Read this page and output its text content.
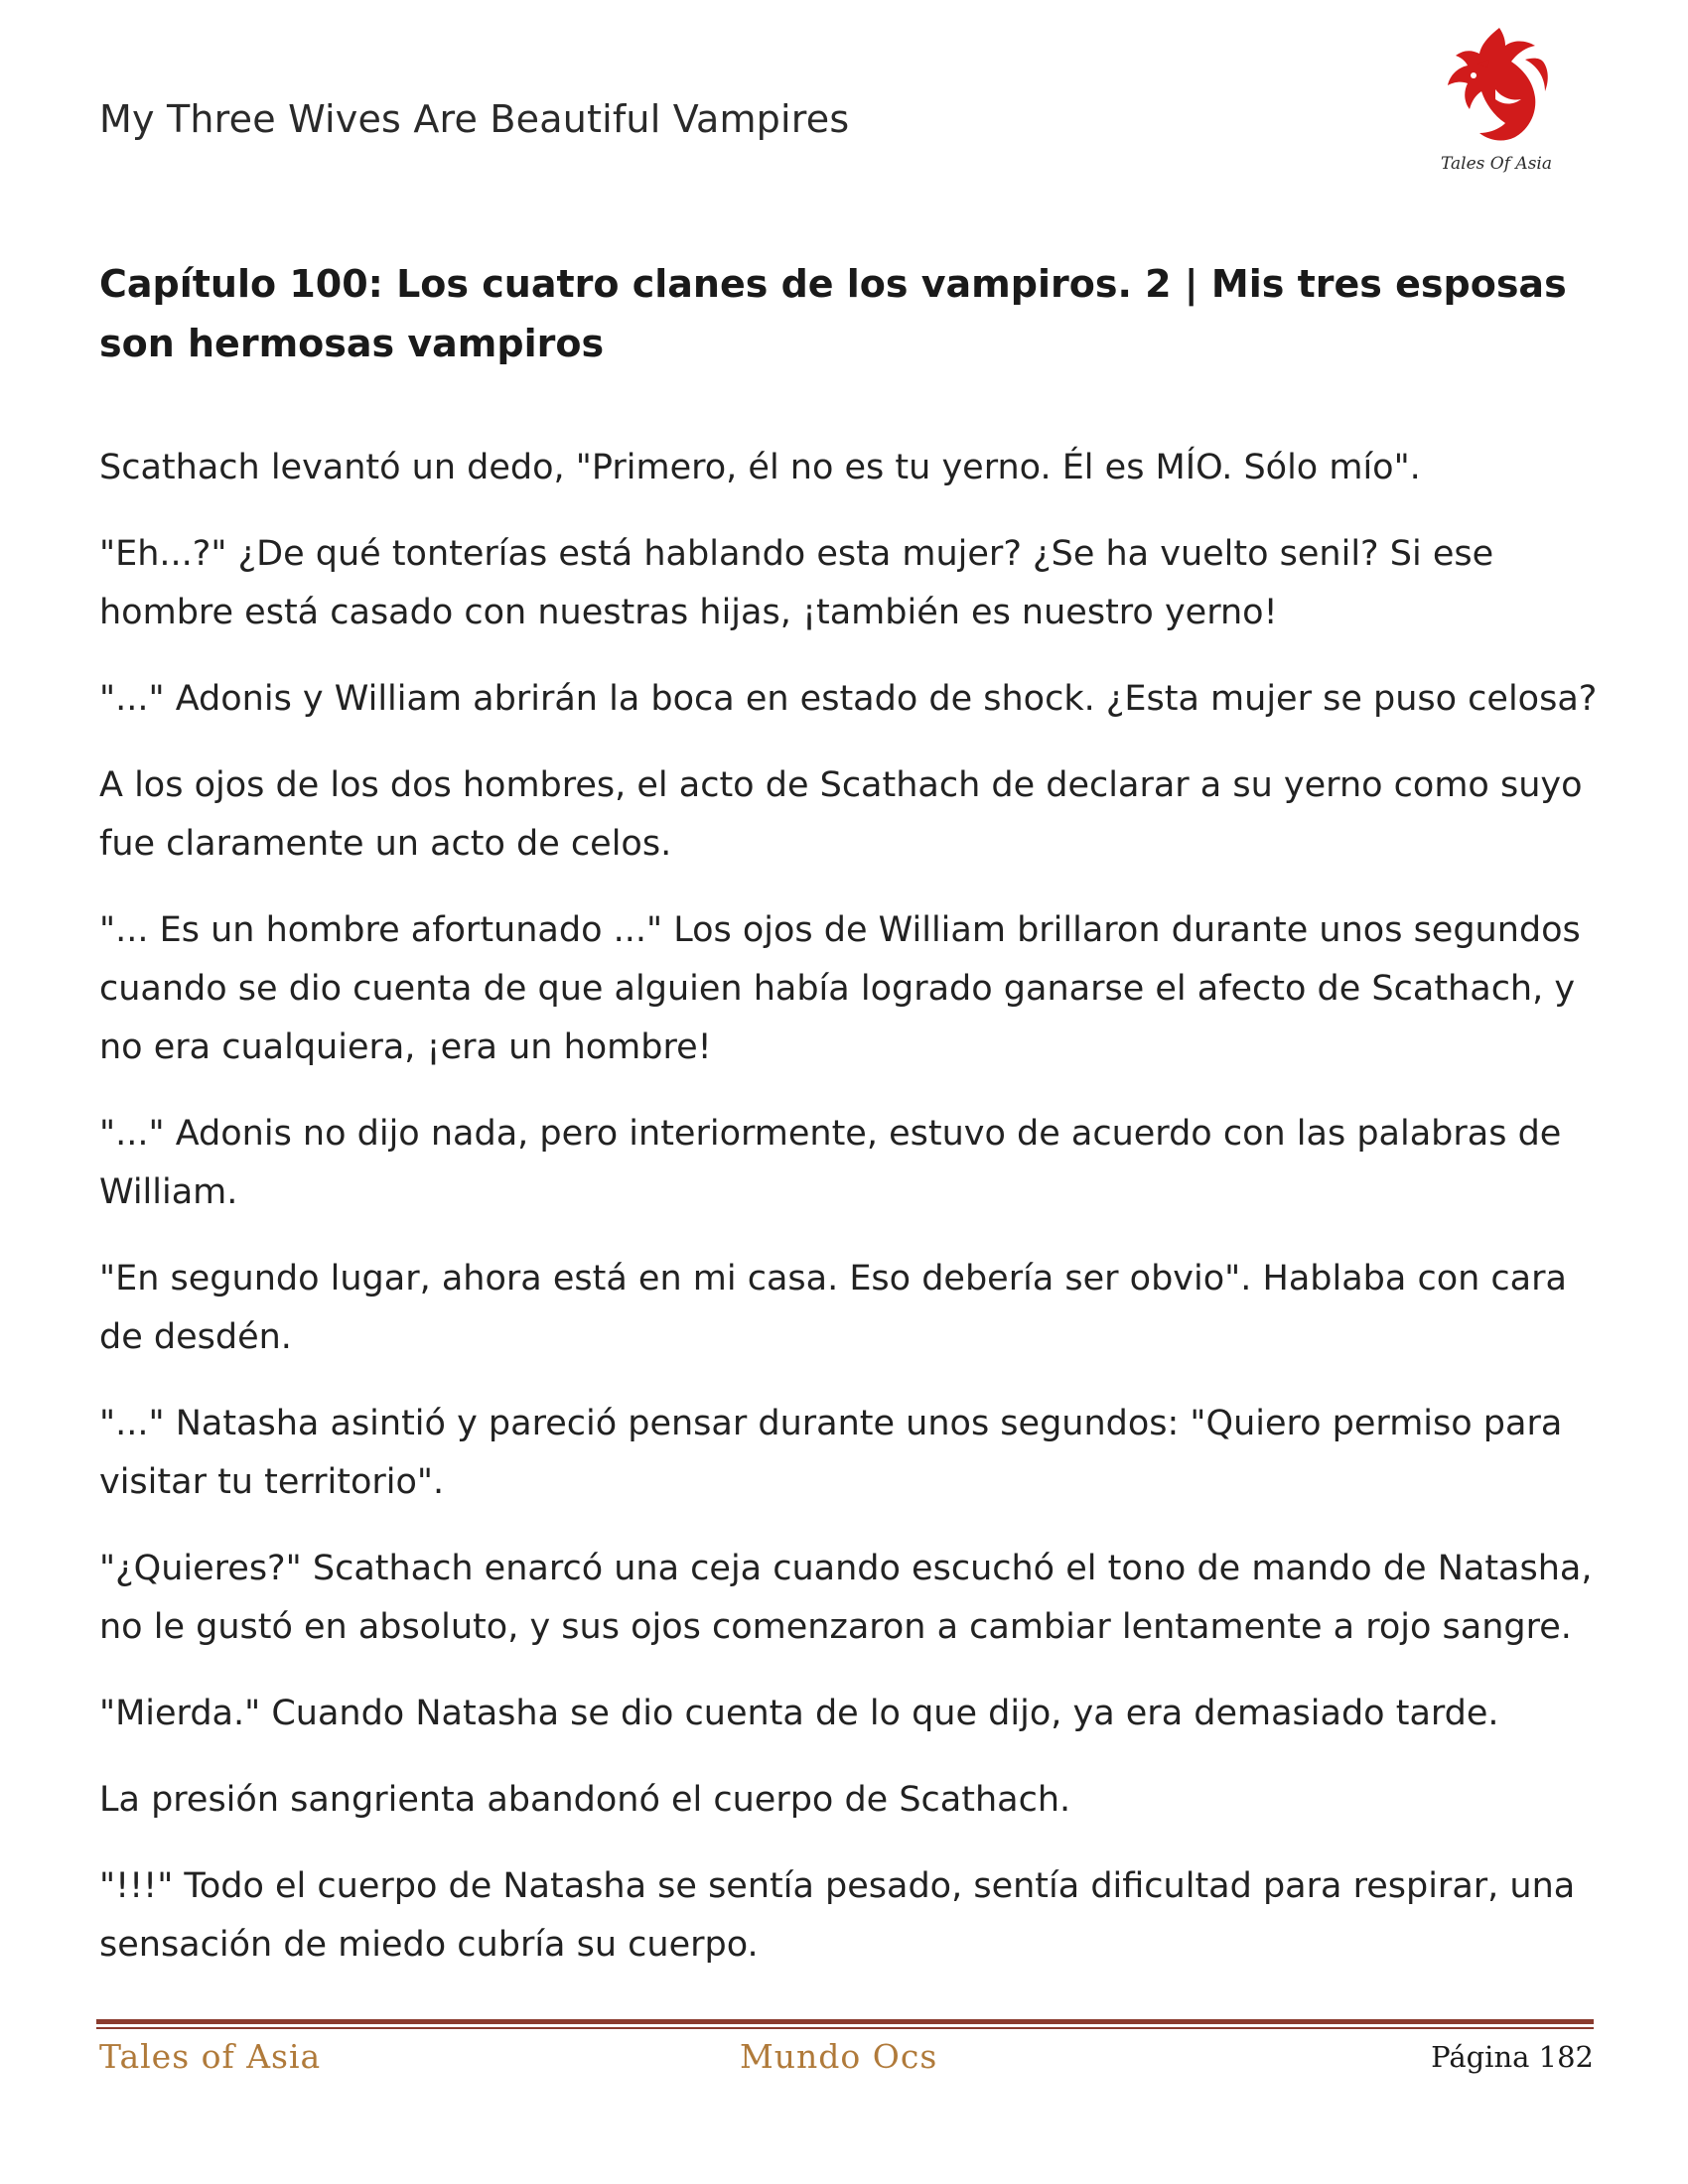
My Three Wives Are Beautiful Vampires
Tales Of Asia
Capítulo 100: Los cuatro clanes de los vampiros. 2 | Mis tres esposas son hermosas vampiros

Scathach levantó un dedo, "Primero, él no es tu yerno. Él es MÍO. Sólo mío".

"Eh...?" ¿De qué tonterías está hablando esta mujer? ¿Se ha vuelto senil? Si ese hombre está casado con nuestras hijas, ¡también es nuestro yerno!

"..." Adonis y William abrirán la boca en estado de shock. ¿Esta mujer se puso celosa?

A los ojos de los dos hombres, el acto de Scathach de declarar a su yerno como suyo fue claramente un acto de celos.

"... Es un hombre afortunado ..." Los ojos de William brillaron durante unos segundos cuando se dio cuenta de que alguien había logrado ganarse el afecto de Scathach, y no era cualquiera, ¡era un hombre!

"..." Adonis no dijo nada, pero interiormente, estuvo de acuerdo con las palabras de William.

"En segundo lugar, ahora está en mi casa. Eso debería ser obvio". Hablaba con cara de desdén.

"..." Natasha asintió y pareció pensar durante unos segundos: "Quiero permiso para visitar tu territorio".

"¿Quieres?" Scathach enarcó una ceja cuando escuchó el tono de mando de Natasha, no le gustó en absoluto, y sus ojos comenzaron a cambiar lentamente a rojo sangre.

"Mierda." Cuando Natasha se dio cuenta de lo que dijo, ya era demasiado tarde.

La presión sangrienta abandonó el cuerpo de Scathach.

"!!!" Todo el cuerpo de Natasha se sentía pesado, sentía dificultad para respirar, una sensación de miedo cubría su cuerpo.

Tales of Asia	Mundo Ocs	Página 182
